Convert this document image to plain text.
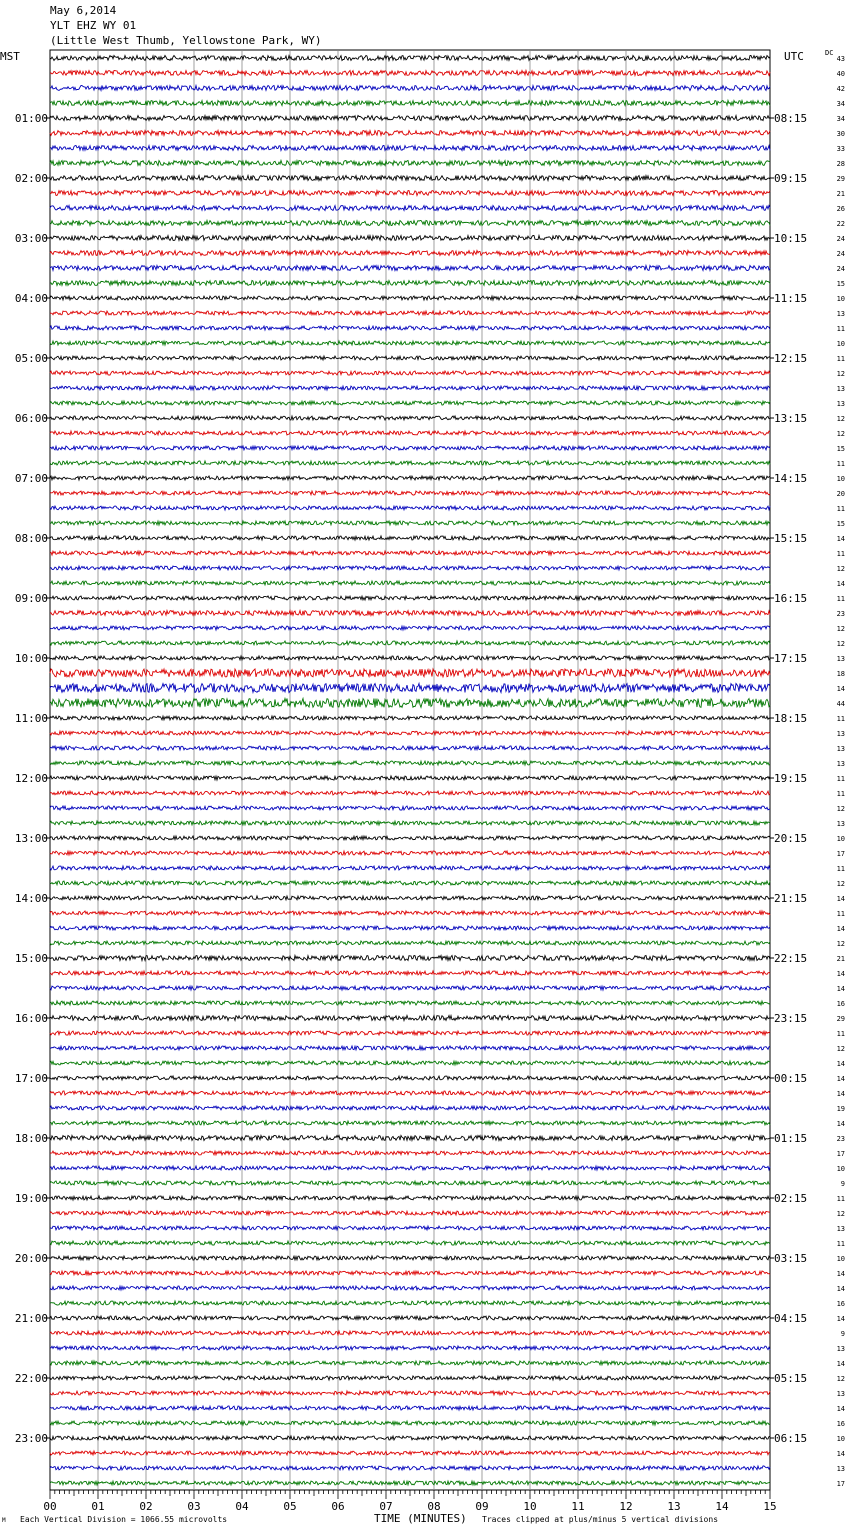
May 6,2014
YLT EHZ WY 01
(Little West Thumb, Yellowstone Park, WY)
MST	UTC	DC
01:00
02:00
03:00
04:00
05:00
06:00
07:00
08:00
09:00
10:00
11:00
12:00
13:00
14:00
15:00
16:00
17:00
18:00
19:00
20:00
21:00
22:00
23:00
08:15
09:15
10:15
11:15
12:15
13:15
14:15
15:15
16:15
17:15
18:15
19:15
20:15
21:15
22:15
23:15
00:15
01:15
02:15
03:15
04:15
05:15
06:15
43
40
42
34
34
30
33
28
29
21
26
22
24
24
24
15
10
13
11
10
11
12
13
13
12
12
15
11
10
20
11
15
14
11
12
14
11
23
12
12
13
18
14
44
11
13
13
13
11
11
12
13
10
17
11
12
14
11
14
12
21
14
14
16
29
11
12
14
14
14
19
14
23
17
10
9
11
12
13
11
10
14
14
16
14
9
13
14
12
13
14
16
10
14
13
17
00	01	02	03	04	05	06	07	08	09	10	11	12	13	14	15
M Each Vertical Division = 1066.55 microvolts	TIME (MINUTES) Traces clipped at plus/minus 5 vertical divisions
